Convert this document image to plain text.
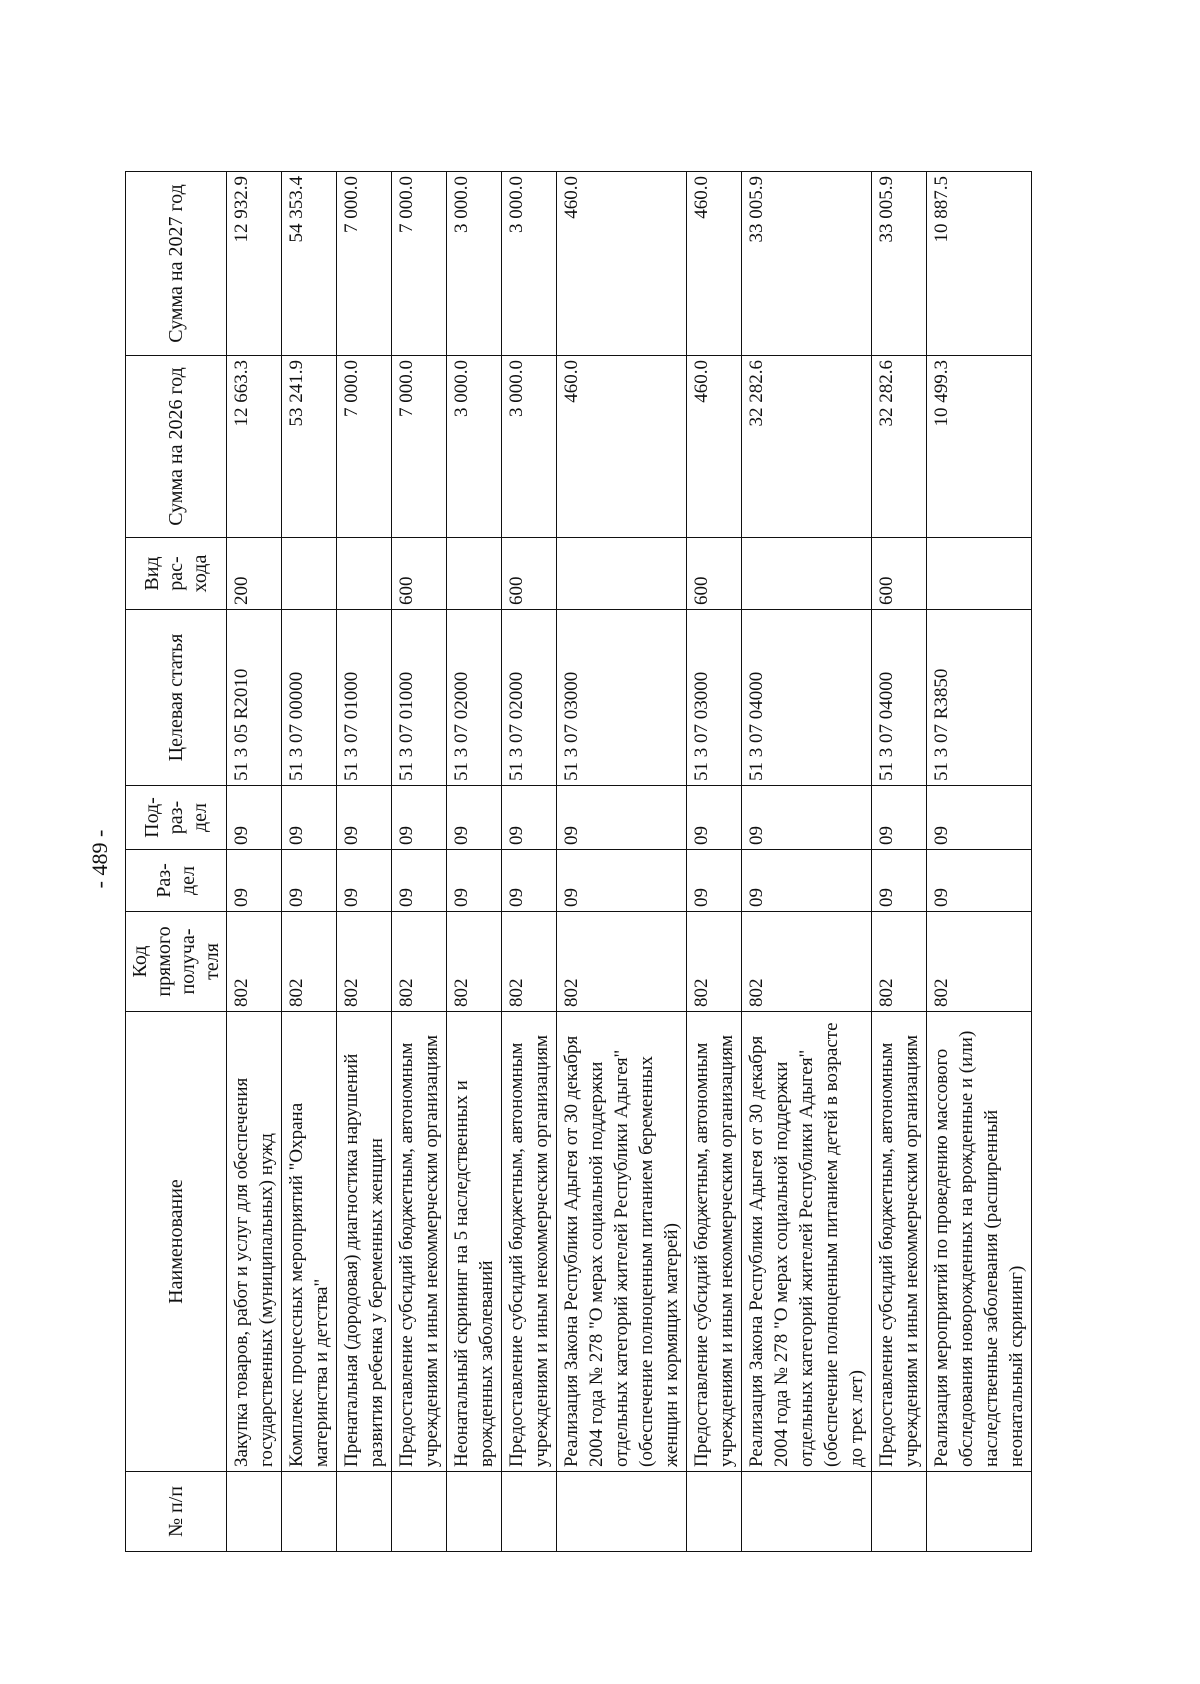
- 489 -
№ п/п	Наименование	Код прямого получа-теля	Раз-дел	Под-раз-дел	Целевая статья	Вид рас-хода	Сумма на 2026 год	Сумма на 2027 год
	Закупка товаров, работ и услуг для обеспечения государственных (муниципальных) нужд	802	09	09	51 3 05 R2010	200	12 663.3	12 932.9
	Комплекс процессных мероприятий "Охрана материнства и детства"	802	09	09	51 3 07 00000		53 241.9	54 353.4
	Пренатальная (дородовая) диагностика нарушений развития ребенка у беременных женщин	802	09	09	51 3 07 01000		7 000.0	7 000.0
	Предоставление субсидий бюджетным, автономным учреждениям и иным некоммерческим организациям	802	09	09	51 3 07 01000	600	7 000.0	7 000.0
	Неонатальный скрининг на 5 наследственных и врожденных заболеваний	802	09	09	51 3 07 02000		3 000.0	3 000.0
	Предоставление субсидий бюджетным, автономным учреждениям и иным некоммерческим организациям	802	09	09	51 3 07 02000	600	3 000.0	3 000.0
	Реализация Закона Республики Адыгея от 30 декабря 2004 года № 278 "О мерах социальной поддержки отдельных категорий жителей Республики Адыгея" (обеспечение полноценным питанием беременных женщин и кормящих матерей)	802	09	09	51 3 07 03000		460.0	460.0
	Предоставление субсидий бюджетным, автономным учреждениям и иным некоммерческим организациям	802	09	09	51 3 07 03000	600	460.0	460.0
	Реализация Закона Республики Адыгея от 30 декабря 2004 года № 278 "О мерах социальной поддержки отдельных категорий жителей Республики Адыгея" (обеспечение полноценным питанием детей в возрасте до трех лет)	802	09	09	51 3 07 04000		32 282.6	33 005.9
	Предоставление субсидий бюджетным, автономным учреждениям и иным некоммерческим организациям	802	09	09	51 3 07 04000	600	32 282.6	33 005.9
	Реализация мероприятий по проведению массового обследования новорожденных на врожденные и (или) наследственные заболевания (расширенный неонатальный скрининг)	802	09	09	51 3 07 R3850		10 499.3	10 887.5
